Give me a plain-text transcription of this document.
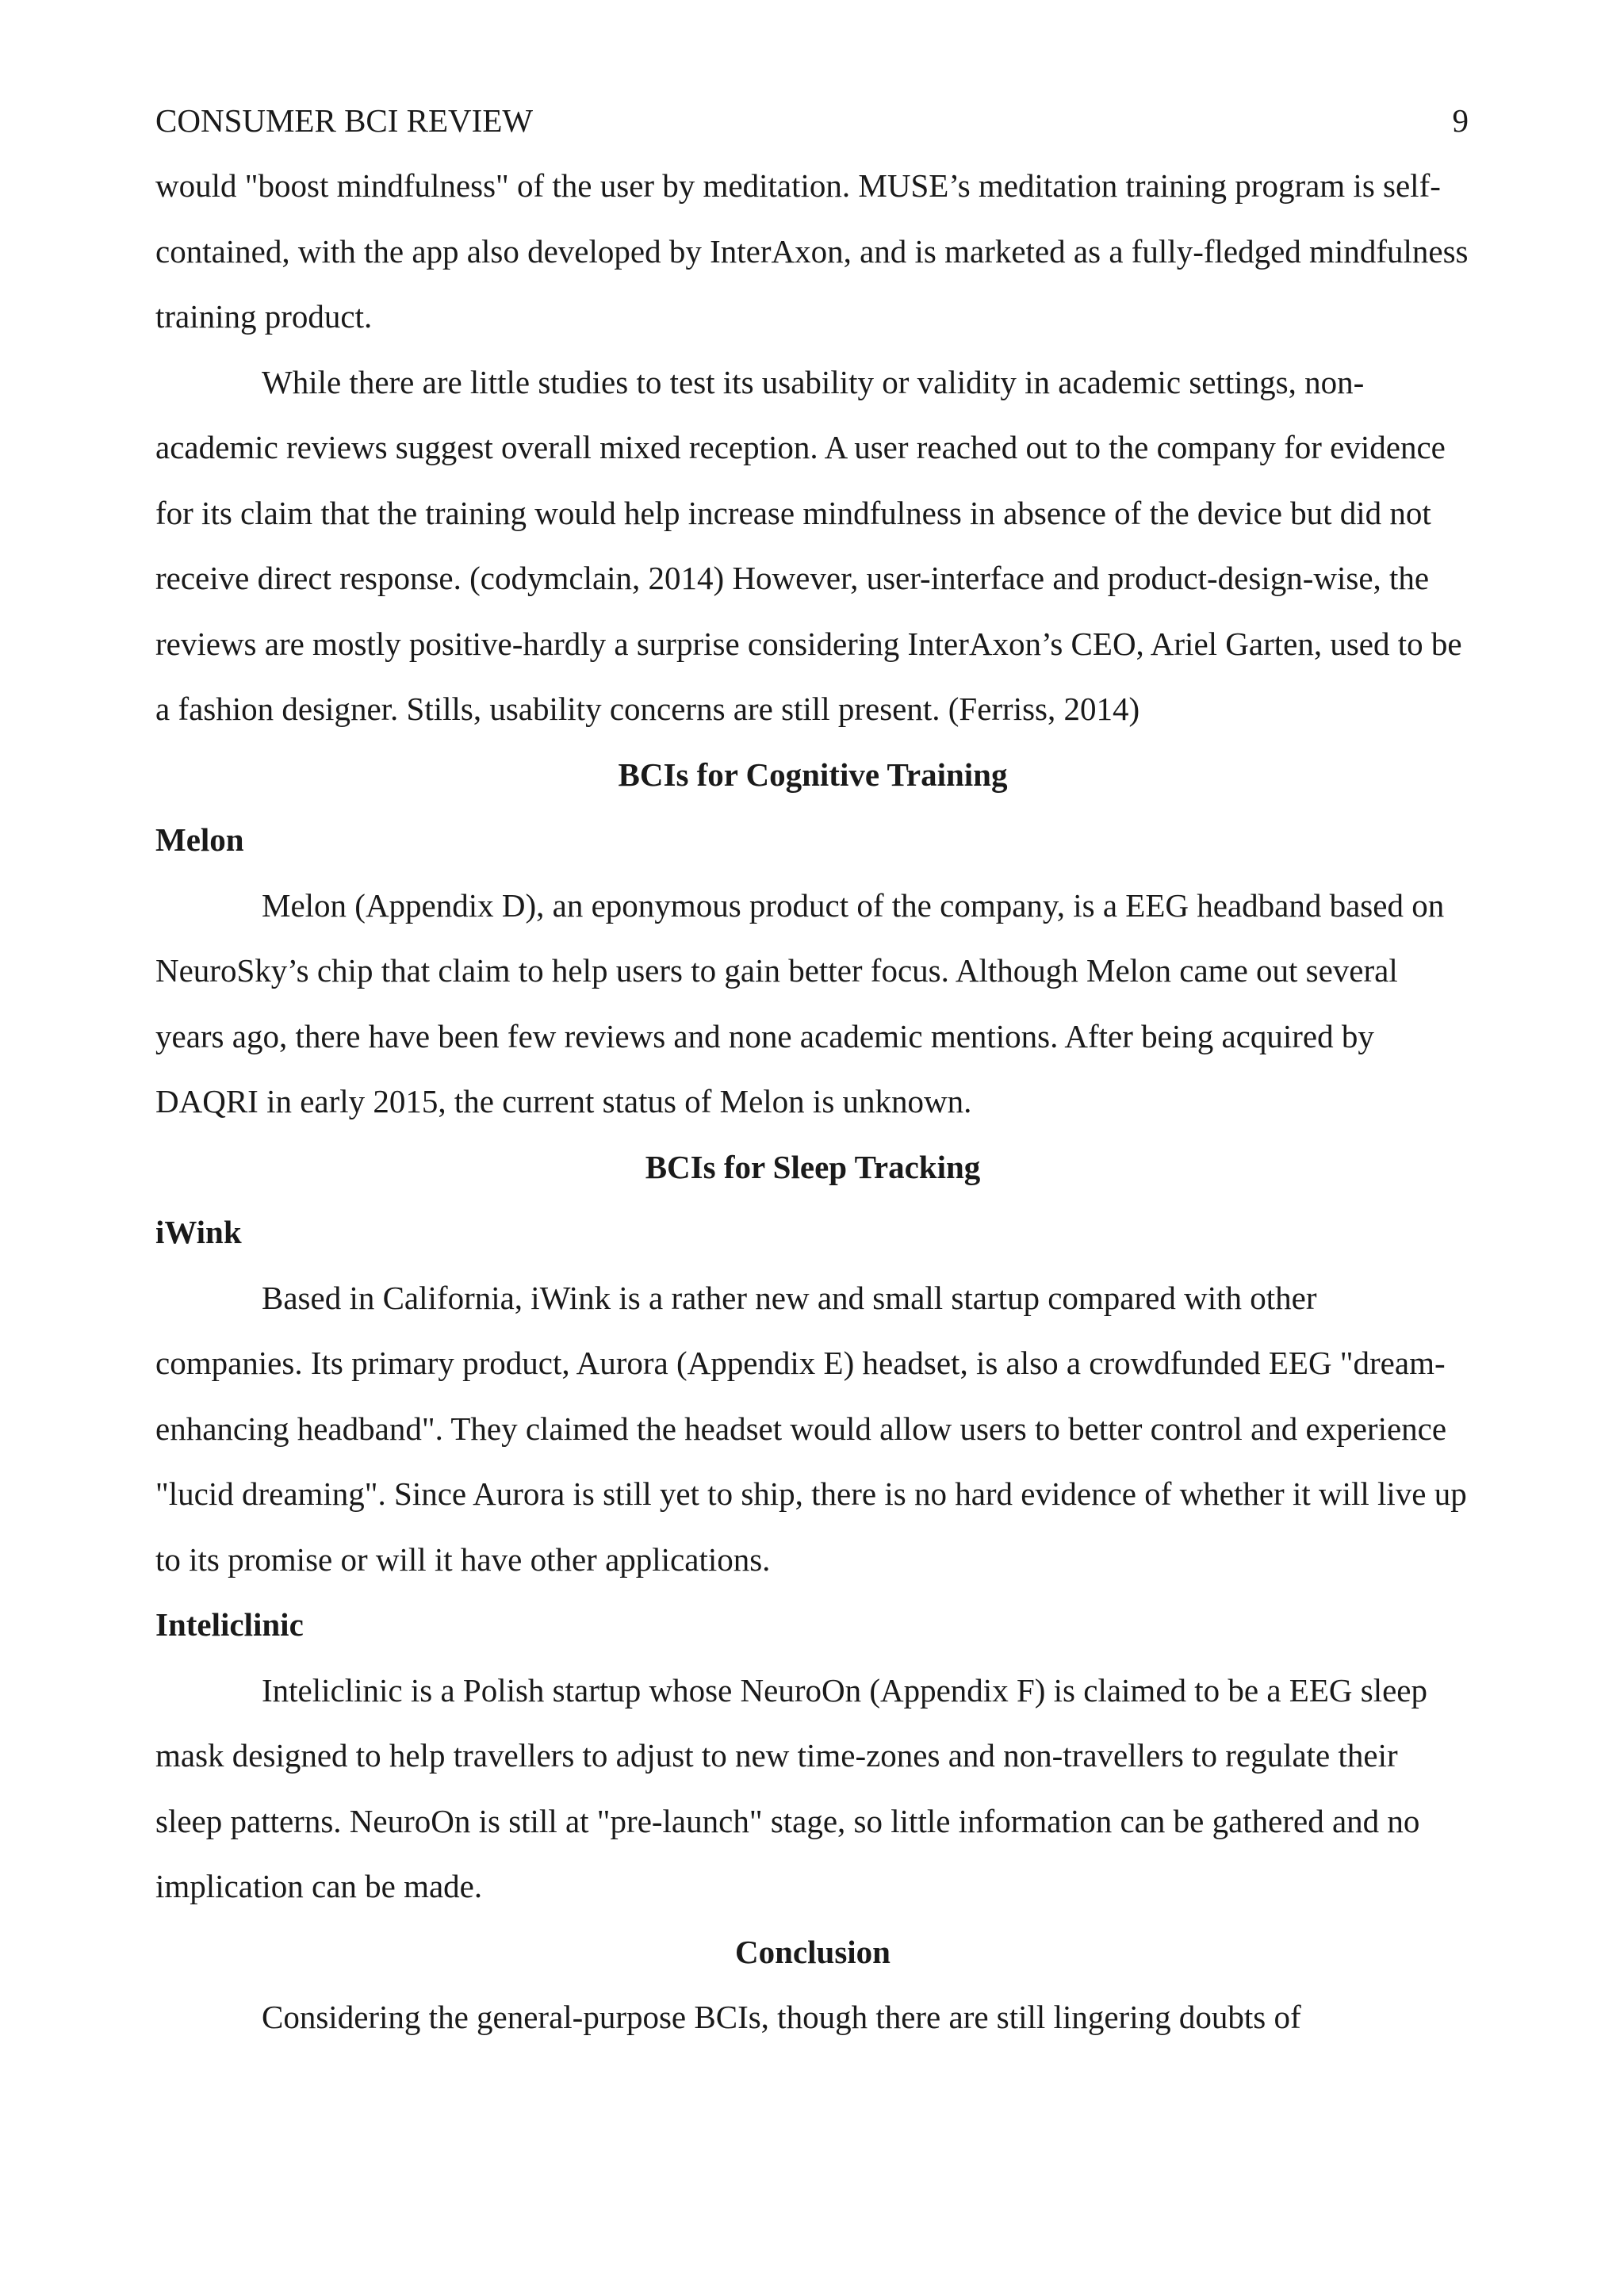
CONSUMER BCI REVIEW	9

would "boost mindfulness" of the user by meditation. MUSE’s meditation training program is self-contained, with the app also developed by InterAxon, and is marketed as a fully-fledged mindfulness training product.

While there are little studies to test its usability or validity in academic settings, non-academic reviews suggest overall mixed reception. A user reached out to the company for evidence for its claim that the training would help increase mindfulness in absence of the device but did not receive direct response. (codymclain, 2014) However, user-interface and product-design-wise, the reviews are mostly positive-hardly a surprise considering InterAxon’s CEO, Ariel Garten, used to be a fashion designer. Stills, usability concerns are still present. (Ferriss, 2014)

BCIs for Cognitive Training
Melon

Melon (Appendix D), an eponymous product of the company, is a EEG headband based on NeuroSky’s chip that claim to help users to gain better focus. Although Melon came out several years ago, there have been few reviews and none academic mentions. After being acquired by DAQRI in early 2015, the current status of Melon is unknown.

BCIs for Sleep Tracking
iWink

Based in California, iWink is a rather new and small startup compared with other companies. Its primary product, Aurora (Appendix E) headset, is also a crowdfunded EEG "dream-enhancing headband". They claimed the headset would allow users to better control and experience "lucid dreaming". Since Aurora is still yet to ship, there is no hard evidence of whether it will live up to its promise or will it have other applications.

Inteliclinic

Inteliclinic is a Polish startup whose NeuroOn (Appendix F) is claimed to be a EEG sleep mask designed to help travellers to adjust to new time-zones and non-travellers to regulate their sleep patterns. NeuroOn is still at "pre-launch" stage, so little information can be gathered and no implication can be made.

Conclusion

Considering the general-purpose BCIs, though there are still lingering doubts of
